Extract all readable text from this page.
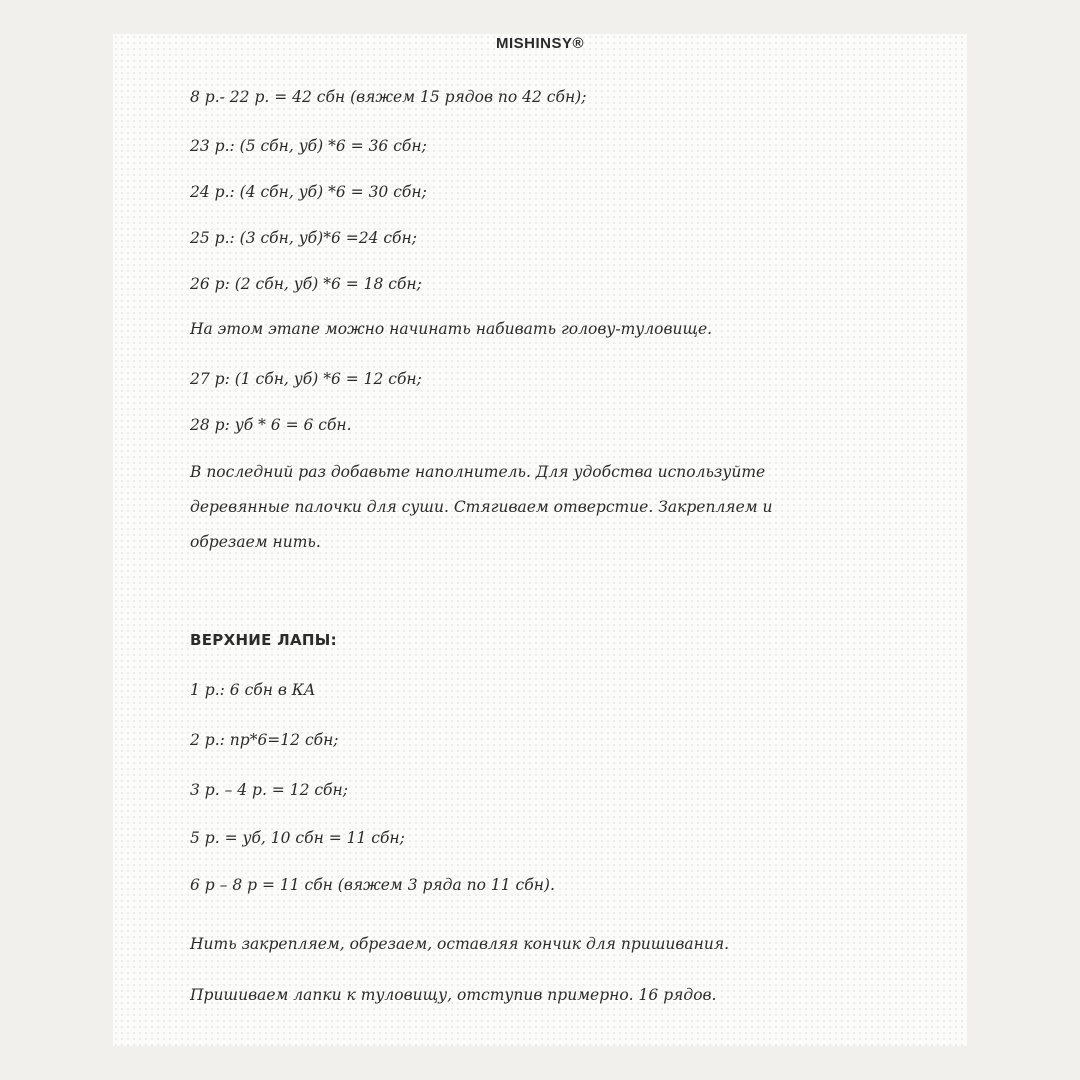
MISHINSY®
8 р.- 22 р. = 42 сбн (вяжем 15 рядов по 42 сбн);
23 р.: (5 сбн, уб) *6 = 36 сбн;
24 р.: (4 сбн, уб) *6 = 30 сбн;
25 р.: (3 сбн, уб)*6 =24 сбн;
26 р: (2 сбн, уб) *6 = 18 сбн;
На этом этапе можно начинать набивать голову-туловище.
27 р: (1 сбн, уб) *6 = 12 сбн;
28 р: уб * 6 = 6 сбн.
В последний раз добавьте наполнитель. Для удобства используйте деревянные палочки для суши. Стягиваем отверстие. Закрепляем и обрезаем нить.
ВЕРХНИЕ ЛАПЫ:
1 р.: 6 сбн в КА
2 р.: пр*6=12 сбн;
3 р. – 4 р. = 12 сбн;
5 р. = уб, 10 сбн = 11 сбн;
6 р – 8 р = 11 сбн (вяжем 3 ряда по 11 сбн).
Нить закрепляем, обрезаем, оставляя кончик для пришивания.
Пришиваем лапки к туловищу, отступив примерно. 16 рядов.
